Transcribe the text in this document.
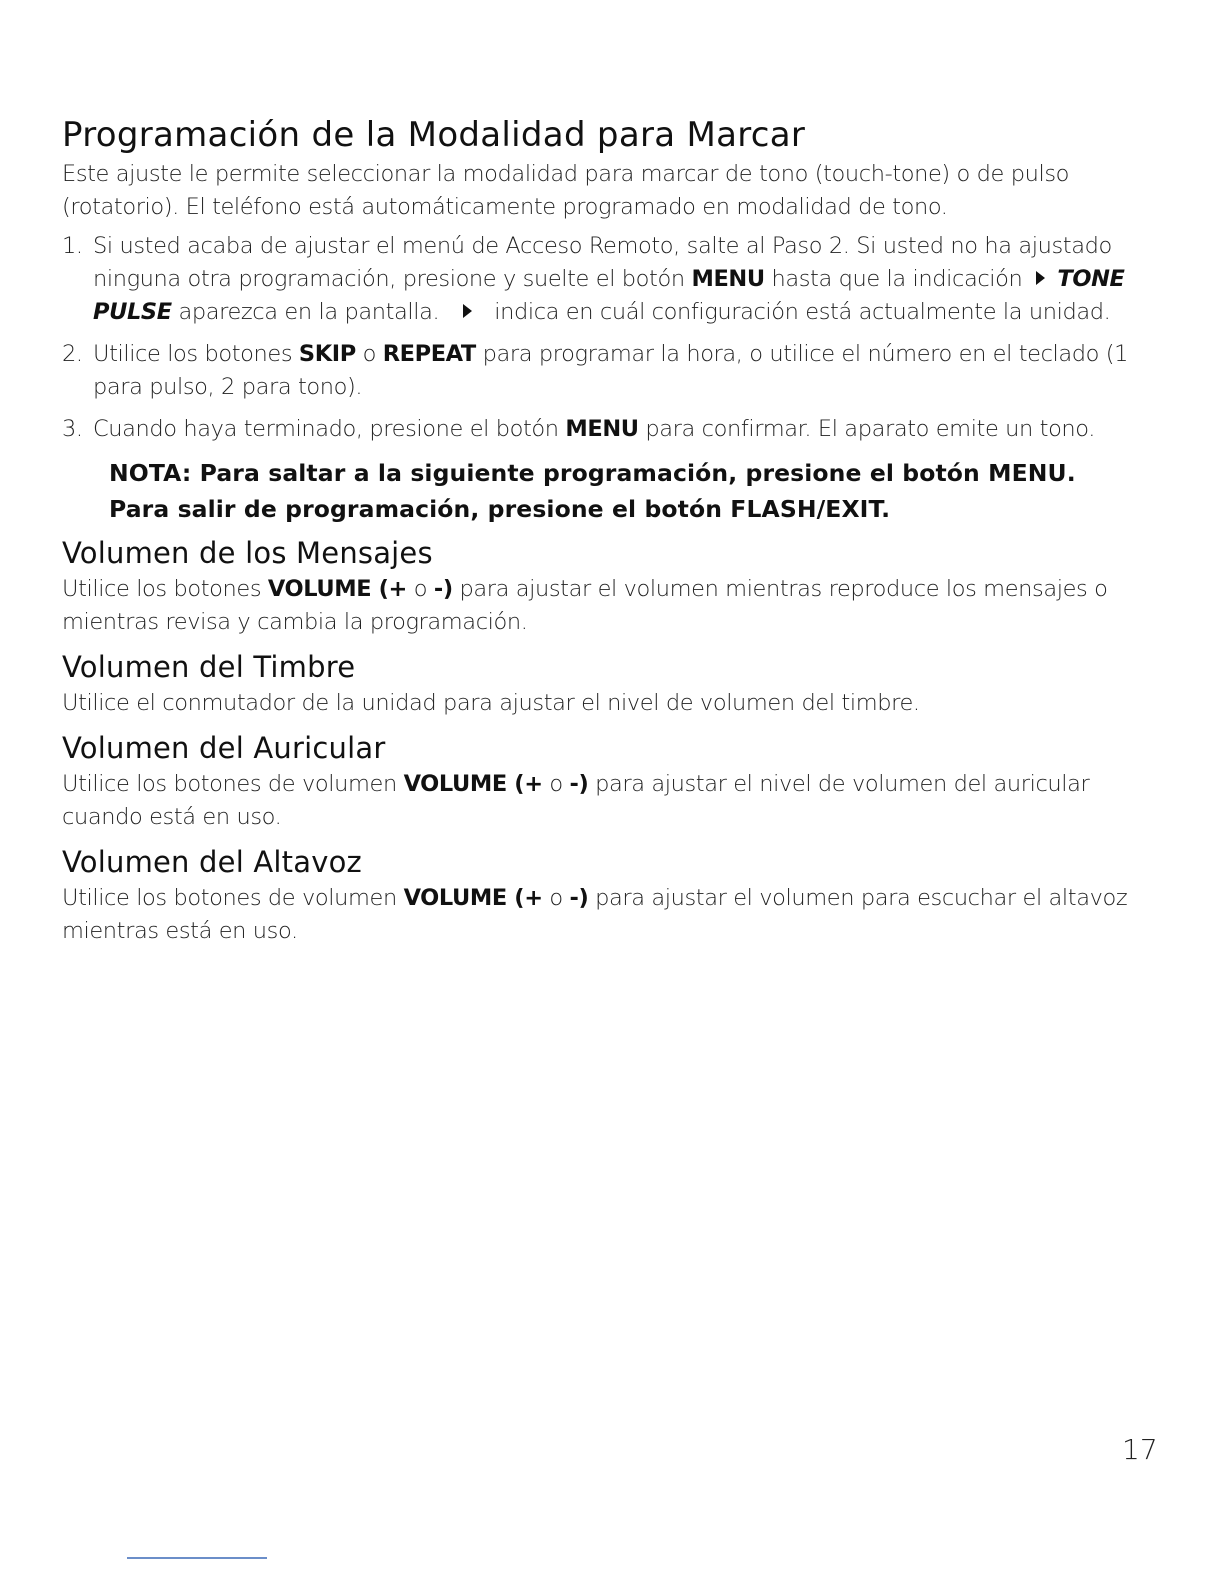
Programación de la Modalidad para Marcar

Este ajuste le permite seleccionar la modalidad para marcar de tono (touch-tone) o de pulso (rotatorio). El teléfono está automáticamente programado en modalidad de tono.

1. Si usted acaba de ajustar el menú de Acceso Remoto, salte al Paso 2. Si usted no ha ajustado ninguna otra programación, presione y suelte el botón MENU hasta que la indicación TONE PULSE aparezca en la pantalla. indica en cuál configuración está actualmente la unidad.
2. Utilice los botones SKIP o REPEAT para programar la hora, o utilice el número en el teclado (1 para pulso, 2 para tono).
3. Cuando haya terminado, presione el botón MENU para confirmar. El aparato emite un tono.
NOTA: Para saltar a la siguiente programación, presione el botón MENU.
Para salir de programación, presione el botón FLASH/EXIT.
Volumen de los Mensajes

Utilice los botones VOLUME (+ o -) para ajustar el volumen mientras reproduce los mensajes o mientras revisa y cambia la programación.

Volumen del Timbre

Utilice el conmutador de la unidad para ajustar el nivel de volumen del timbre.

Volumen del Auricular

Utilice los botones de volumen VOLUME (+ o -) para ajustar el nivel de volumen del auricular cuando está en uso.

Volumen del Altavoz

Utilice los botones de volumen VOLUME (+ o -) para ajustar el volumen para escuchar el altavoz mientras está en uso.

17
